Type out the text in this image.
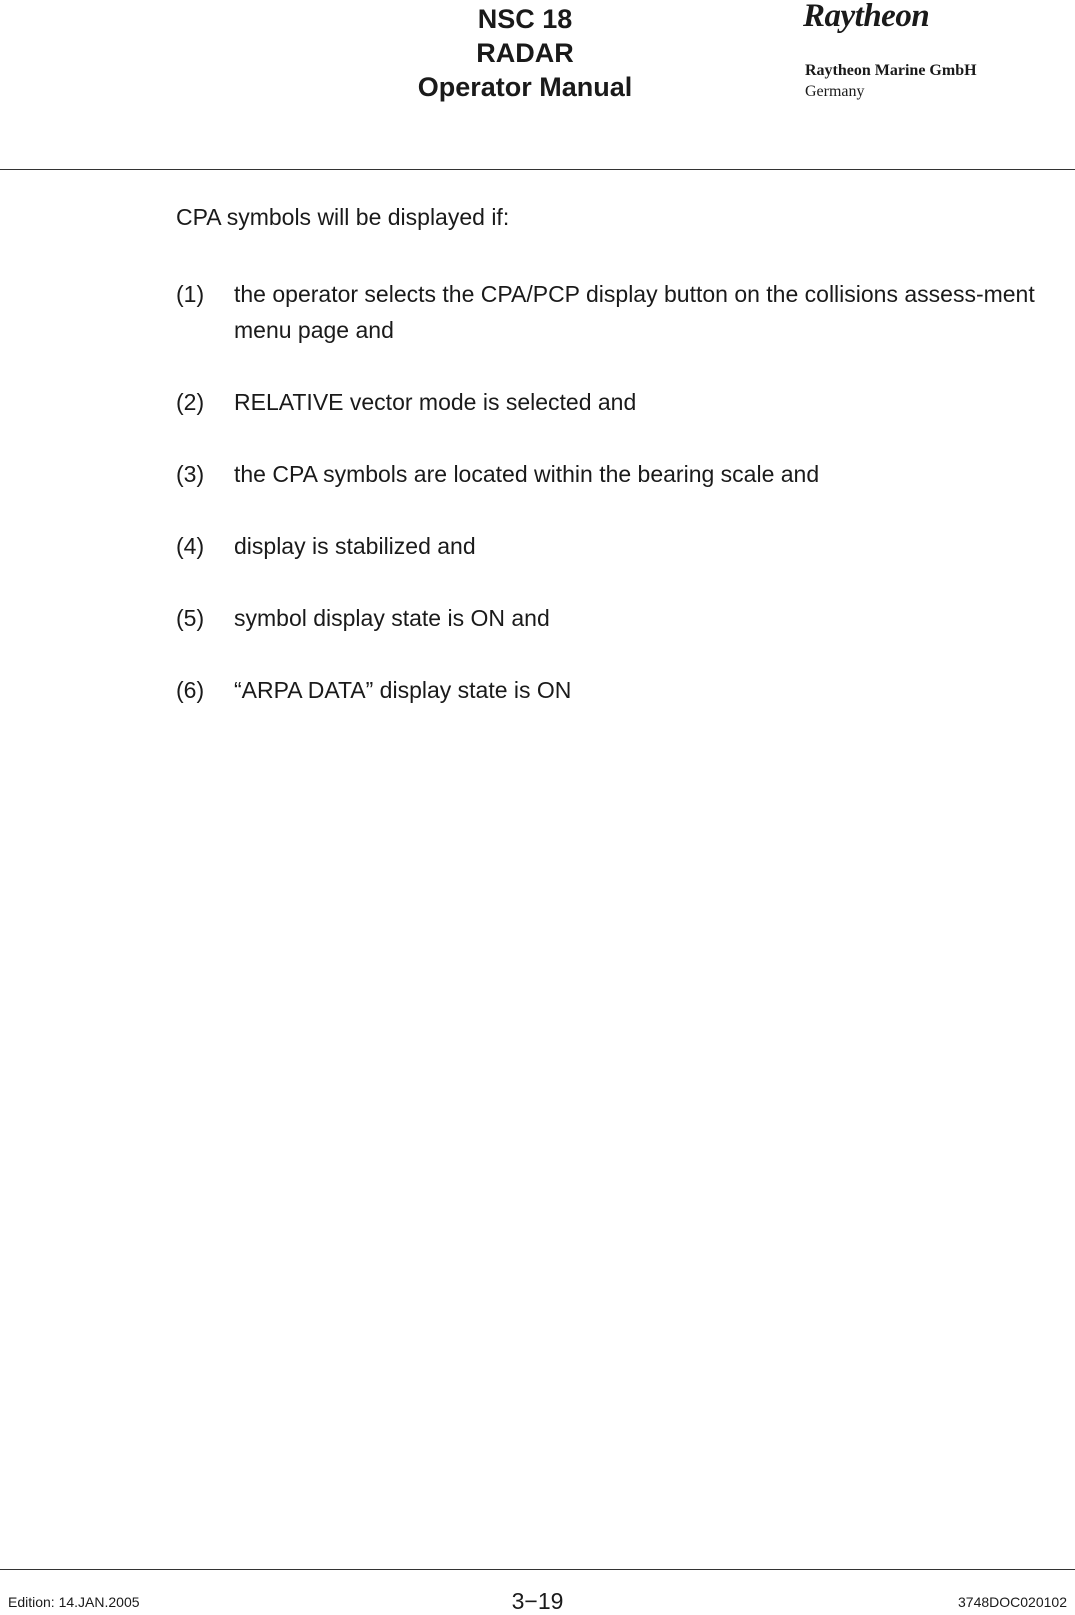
NSC 18
RADAR
Operator Manual
Raytheon
Raytheon Marine GmbH
Germany
CPA symbols will be displayed if:
(1) the operator selects the CPA/PCP display button on the collisions assess-ment menu page and
(2) RELATIVE vector mode is selected and
(3) the CPA symbols are located within the bearing scale and
(4) display is stabilized and
(5) symbol display state is ON and
(6) “ARPA DATA” display state is ON
Edition: 14.JAN.2005	3−19	3748DOC020102
